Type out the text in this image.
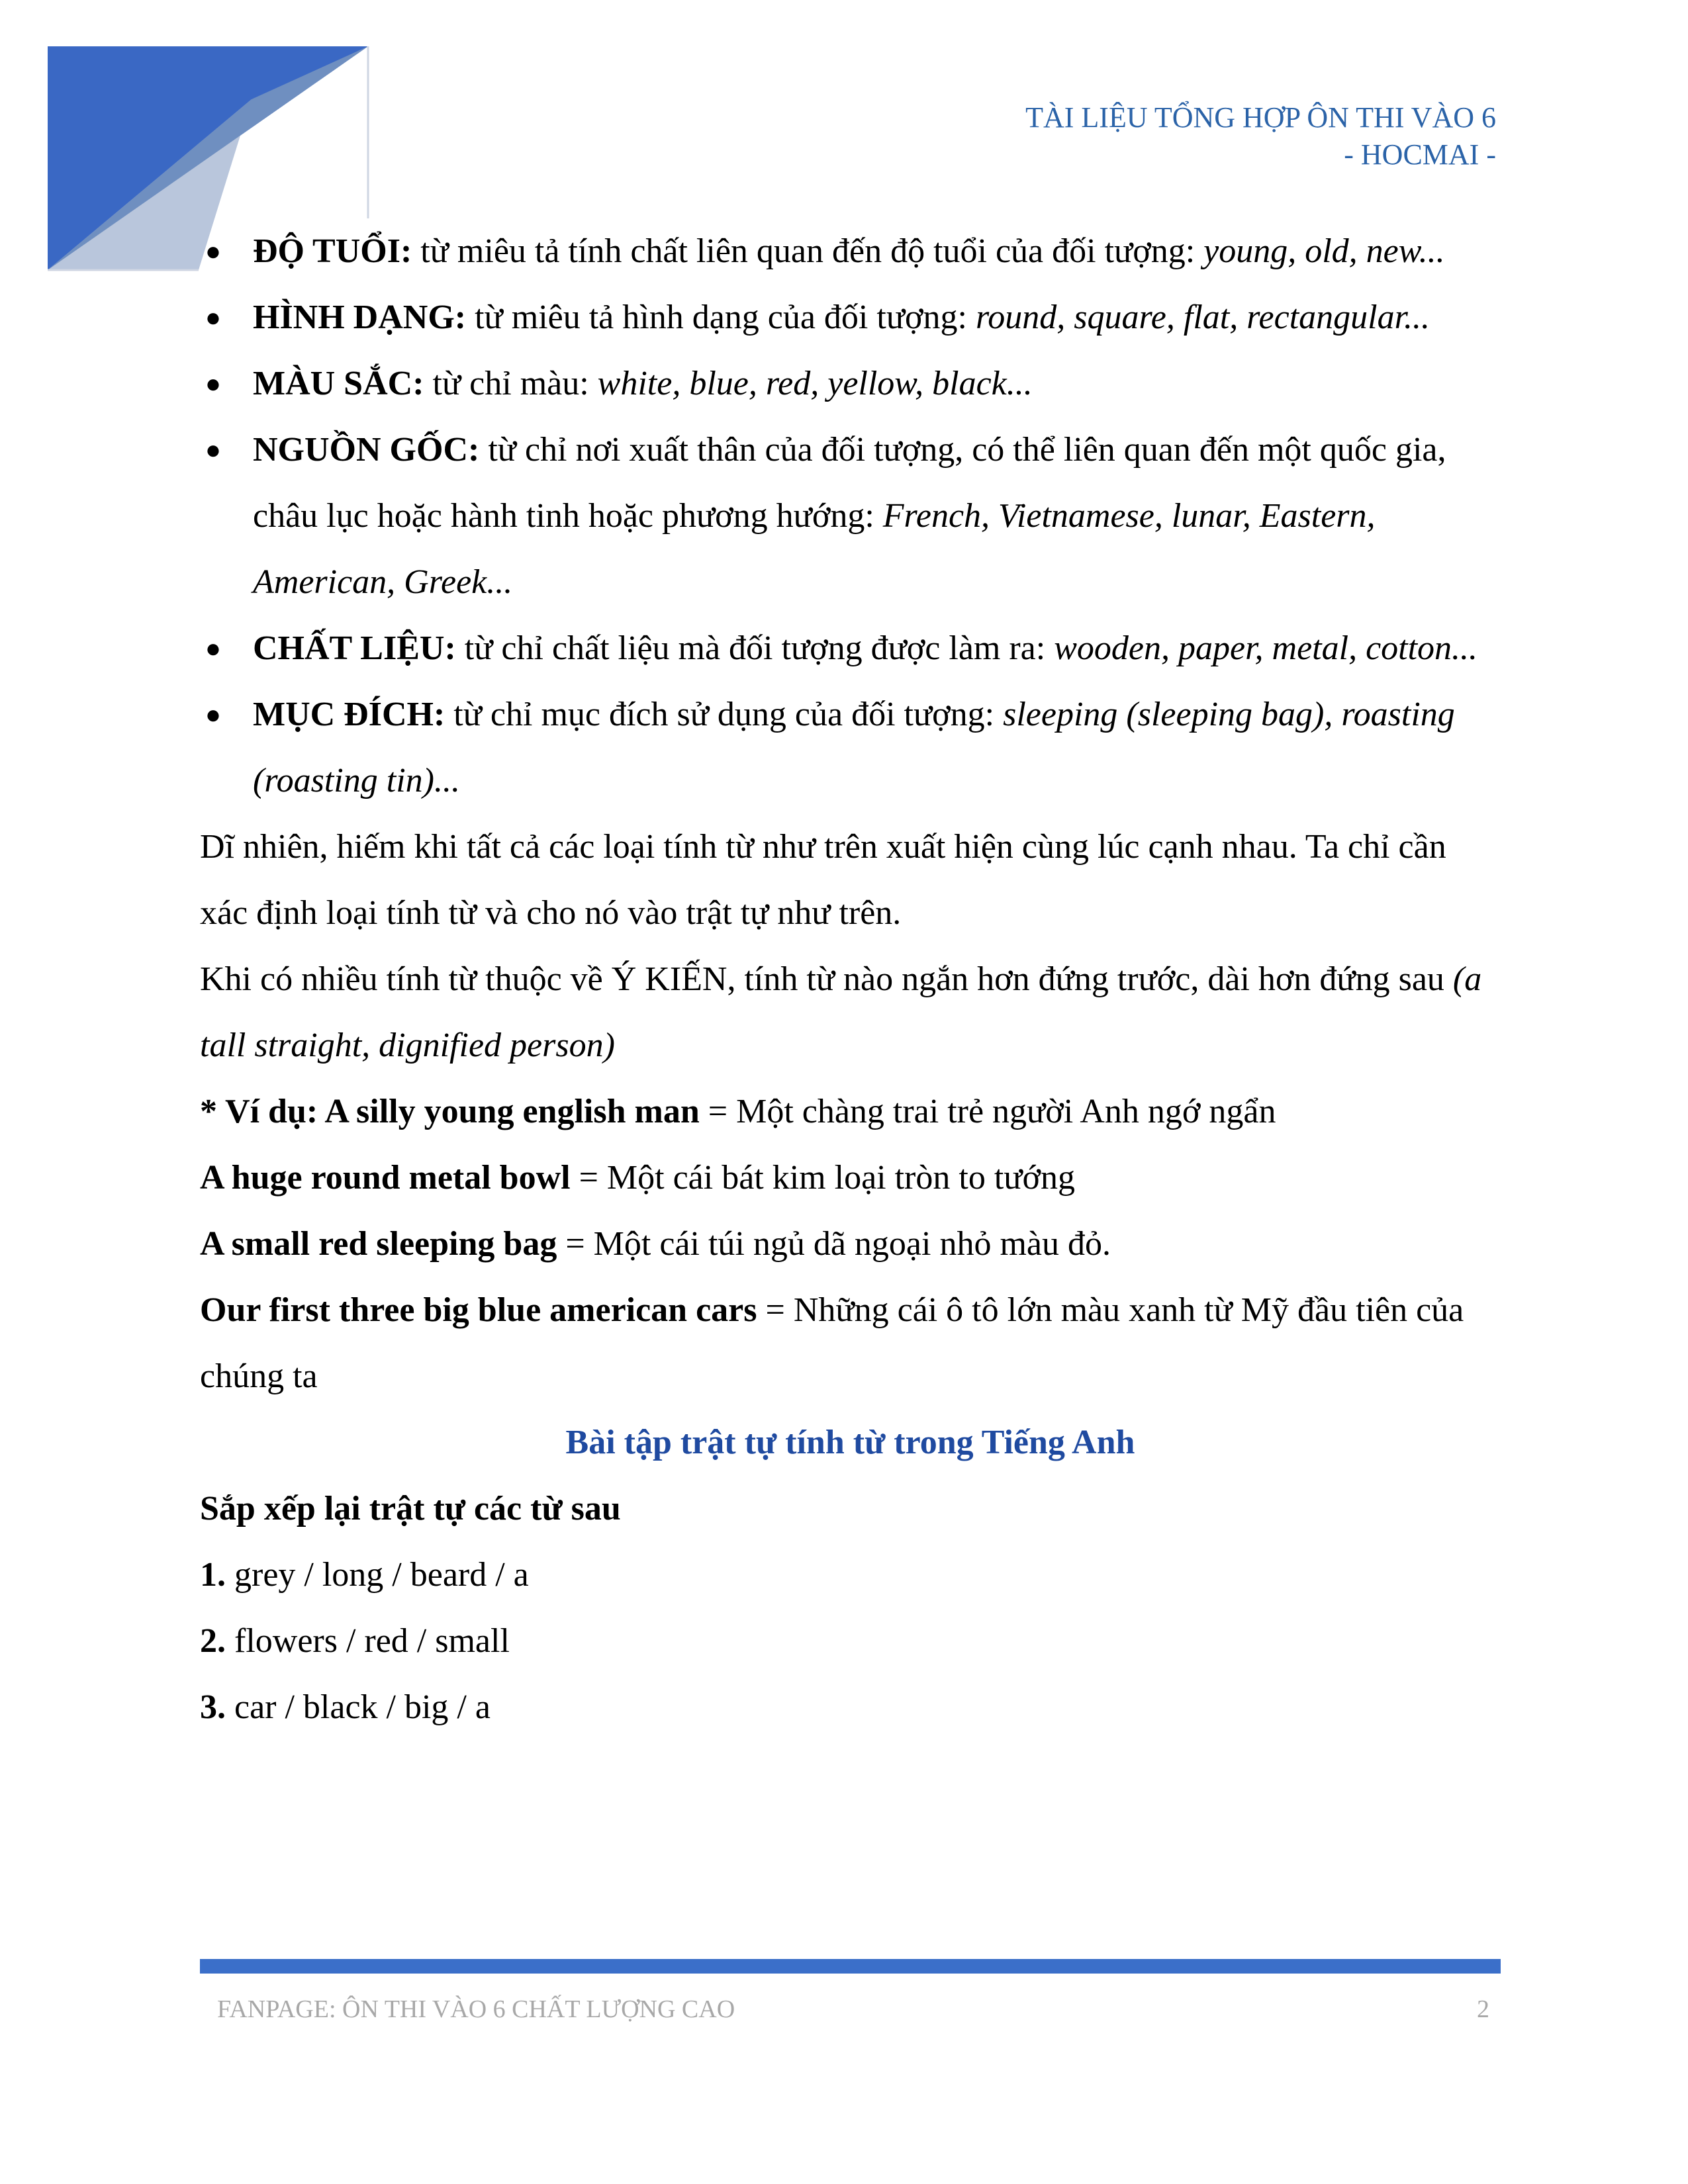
TÀI LIỆU TỔNG HỢP ÔN THI VÀO 6
- HOCMAI -
● ĐỘ TUỔI: từ miêu tả tính chất liên quan đến độ tuổi của đối tượng: young, old, new...
● HÌNH DẠNG: từ miêu tả hình dạng của đối tượng: round, square, flat, rectangular...
● MÀU SẮC: từ chỉ màu: white, blue, red, yellow, black...
● NGUỒN GỐC: từ chỉ nơi xuất thân của đối tượng, có thể liên quan đến một quốc gia, châu lục hoặc hành tinh hoặc phương hướng: French, Vietnamese, lunar, Eastern, American, Greek...
● CHẤT LIỆU: từ chỉ chất liệu mà đối tượng được làm ra: wooden, paper, metal, cotton...
● MỤC ĐÍCH: từ chỉ mục đích sử dụng của đối tượng: sleeping (sleeping bag), roasting (roasting tin)...

Dĩ nhiên, hiếm khi tất cả các loại tính từ như trên xuất hiện cùng lúc cạnh nhau. Ta chỉ cần xác định loại tính từ và cho nó vào trật tự như trên.

Khi có nhiều tính từ thuộc về Ý KIẾN, tính từ nào ngắn hơn đứng trước, dài hơn đứng sau (a tall straight, dignified person)

* Ví dụ: A silly young english man = Một chàng trai trẻ người Anh ngớ ngẩn

A huge round metal bowl = Một cái bát kim loại tròn to tướng

A small red sleeping bag = Một cái túi ngủ dã ngoại nhỏ màu đỏ.

Our first three big blue american cars = Những cái ô tô lớn màu xanh từ Mỹ đầu tiên của chúng ta

Bài tập trật tự tính từ trong Tiếng Anh

Sắp xếp lại trật tự các từ sau

1. grey / long / beard / a

2. flowers / red / small

3. car / black / big / a

FANPAGE: ÔN THI VÀO 6 CHẤT LƯỢNG CAO	2
